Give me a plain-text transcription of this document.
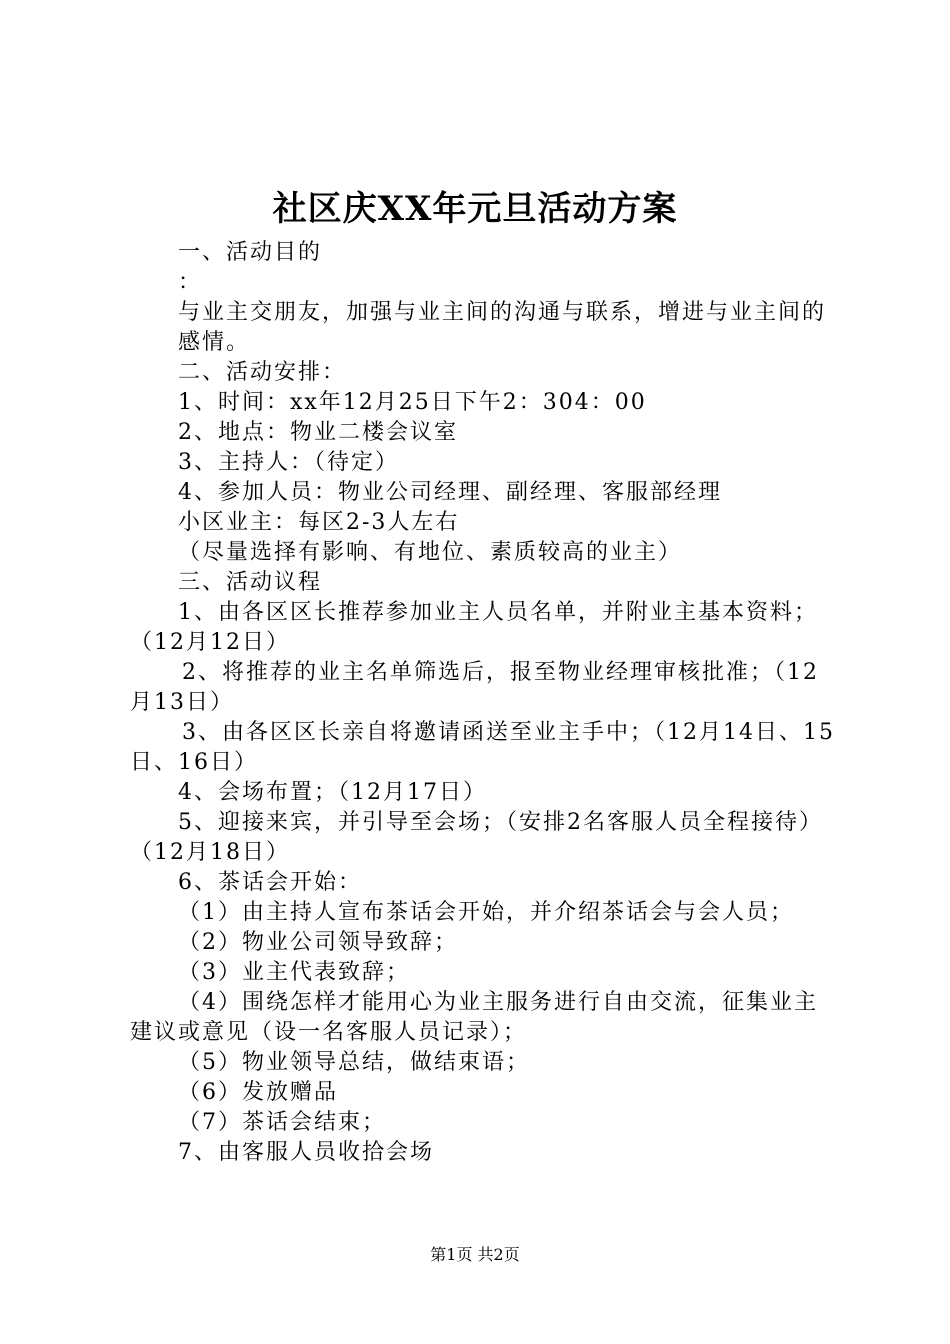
社区庆XX年元旦活动方案

一、活动目的

：

与业主交朋友，加强与业主间的沟通与联系，增进与业主间的感情。

二、活动安排：

1、时间：xx年12月25日下午2：304：00

2、地点：物业二楼会议室

3、主持人：（待定）

4、参加人员：物业公司经理、副经理、客服部经理

小区业主：每区2-3人左右

（尽量选择有影响、有地位、素质较高的业主）

三、活动议程

1、由各区区长推荐参加业主人员名单，并附业主基本资料；（12月12日）

2、将推荐的业主名单筛选后，报至物业经理审核批准；（12月13日）

3、由各区区长亲自将邀请函送至业主手中；（12月14日、15日、16日）

4、会场布置；（12月17日）

5、迎接来宾，并引导至会场；（安排2名客服人员全程接待）（12月18日）

6、茶话会开始：

（1）由主持人宣布茶话会开始，并介绍茶话会与会人员；

（2）物业公司领导致辞；

（3）业主代表致辞；

（4）围绕怎样才能用心为业主服务进行自由交流，征集业主建议或意见（设一名客服人员记录）；

（5）物业领导总结，做结束语；

（6）发放赠品

（7）茶话会结束；

7、由客服人员收拾会场

第1页 共2页
